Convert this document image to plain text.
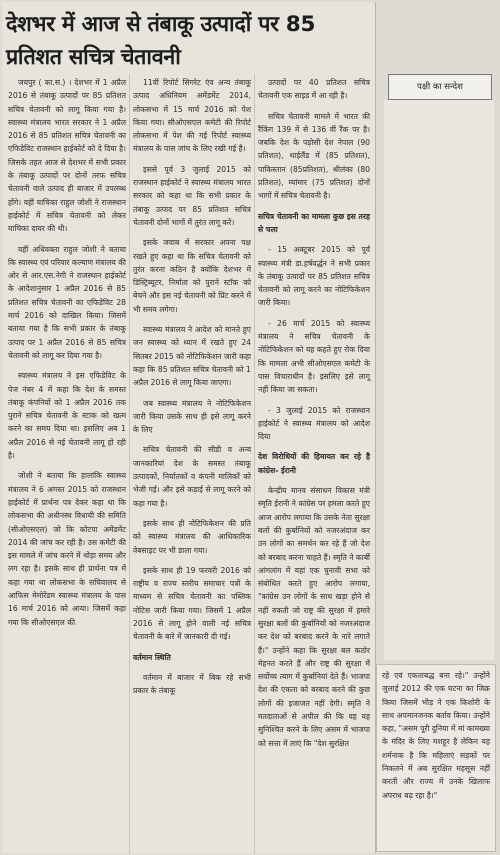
देशभर में आज से तंबाकू उत्पादों पर 85 प्रतिशत सचित्र चेतावनी

जयपुर ( का.स.) । देशभर में 1 अप्रैल 2016 से तंबाकू उत्पादों पर 85 प्रतिशत सचित्र चेतावनी को लागू किया गया है। स्वास्थ्य मंत्रालय भारत सरकार ने 1 अप्रैल 2016 से 85 प्रतिशत सचित्र चेतावनी का एफिडेविट राजस्थान हाईकोर्ट को दे दिया है। जिसके तहत आज से देशभर में सभी प्रकार के तंबाकू उत्पादों पर दोनों तरफ सचित्र चेतावनी वाले उत्पाद ही बाजार में उपलब्ध होंगे। वहीं याचिका राहुल जोशी ने राजस्थान हाईकोर्ट में सचित्र चेतावनी को लेकर याचिका दायर की थी।

वहीं अधिवक्ता राहुल जोशी ने बताया कि स्वास्थ्य एवं परिवार कल्याण मंत्रालय की ओर से आर.एस.नेगी ने राजस्थान हाईकोर्ट के आदेशानुसार 1 अप्रैल 2016 से 85 प्रतिशत सचित्र चेतावनी का एफिडेविट 28 मार्च 2016 को दाखिल किया। जिसमें बताया गया है कि सभी प्रकार के तंबाकू उत्पाद पर 1 अप्रैल 2016 से 85 सचित्र चेतावनी को लागू कर दिया गया है।

स्वास्थ्य मंत्रालय ने इस एफिडेविट के पेज नंबर 4 में कहा कि देश के समस्त तंबाकू कंपनियों को 1 अप्रैल 2016 तक पुराने सचित्र चेतावनी के स्टाक को खत्म करने का समय दिया था। इसलिए अब 1 अप्रैल 2016 से नई चेतावनी लागू हो रही है।

जोशी ने बताया कि हालांकि स्वास्थ्य मंत्रालय ने 6 अगस्त 2015 को राजस्थान हाईकोर्ट में प्रार्थना पत्र देकर कहा था कि लोकसभा की अधीनस्थ विधायी की समिति (सीओएसएल) जो कि कोटपा अमेंडमेंट 2014 की जांच कर रही है। उस कमेटी की इस मामले में जांच करने में थोड़ा समय और लग रहा है। इसके साथ ही प्रार्थना पत्र में कहा गया था लोकसभा के सचिवालय से आफिस मेमोरेंडम स्वास्थ्य मंत्रालय के पास 16 मार्च 2016 को आया। जिसमें कहा गया कि सीओएसएल की

11वीं रिपोर्ट सिगरेट एंव अन्य तंबाकू उत्पाद अधिनियम अमेंडमेंट 2014, लोकसभा में 15 मार्च 2016 को पेश किया गया। सीओएसएल कमेटी की रिपोर्ट लोकसभा में पेश की गई रिपोर्ट स्वास्थ्य मंत्रालय के पास जांच के लिए रखी गई है।

इससे पूर्व 3 जुलाई 2015 को राजस्थान हाईकोर्ट ने स्वास्थ्य मंत्रालय भारत सरकार को कहा था कि सभी प्रकार के तंबाकू उत्पाद पर 85 प्रतिशत सचित्र चेतावनी दोनों भागों में तुरंत लागू करें।

इसके जवाब में सरकार अपना पक्ष रखते हुए कहा था कि सचित्र चेतावनी को तुरंत करना कठिन है क्योंकि देशभर में डिस्ट्रिब्यूटर, निर्माता को पुराने स्टॉक को बेचने और इस नई चेतावनी को प्रिंट करने में भी समय लगेगा।

स्वास्थ्य मंत्रालय ने आदेश को मानते हुए जन स्वास्थ्य को ध्यान में रखते हुए 24 सितबर 2015 को नोटिफिकेशन जारी कहा कहा कि 85 प्रतिशत सचित्र चेतावनी को 1 अप्रैल 2016 से लागू किया जाएगा।

जब स्वास्थ्य मंत्रालय ने नोटिफिकेशन जारी किया उसके साथ ही इसे लागू करने के लिए

सचित्र चेतावनी की सीडी व अन्य जानकारियां देश के समस्त तंबाकू उत्पादकों, निर्यातकों व कंपनी मालिकों को भेजी गई। और इसे कड़ाई से लागू करने को कहा गया है।

इसके साथ ही नोटिफिकेशन की प्रति को स्वास्थ्य मंत्रालय की आधिकारिक वेबसाइट पर भी डाला गया।

इसके साथ ही 19 फरवरी 2016 को राष्ट्रीय व राज्य स्तरीय समाचार पत्रों के माध्यम से सचित्र चेतावनी का पब्लिक नोटिस जारी किया गया। जिसमें 1 अप्रैल 2016 से लागू होने वाली नई सचित्र चेतावनी के बारे में जानकारी दी गई।

वर्तमान स्थिति

वर्तमान में बाजार में बिक रहे सभी प्रकार के तंबाकू

उत्पादों पर 40 प्रतिशत सचित्र चेतावनी एक साइड में आ रही है।

सचित्र चेतावनी मामले में भारत की रैंकिंग 139 में से 136 वीं रैंक पर है। जबकि देश के पड़ोसी देश नेपाल (90 प्रतिशत), थाईलैंड में (85 प्रतिशत), पाकिस्तान (85प्रतिशत), श्रीलंका (80 प्रतिशत), म्यांमार (75 प्रतिशत) दोनों भागों में सचित्र चेतावनी है।

सचित्र चेतावनी का मामला कुछ इस तरह से चला

- 15 अक्टूबर 2015 को पूर्व स्वास्थ्य मंत्री डा.हर्षवर्द्धन ने सभी प्रकार के तंबाकू उत्पादों पर 85 प्रतिशत सचित्र चेतावनी को लागू करने का नोटिफिकेशन जारी किया।

- 26 मार्च 2015 को स्वास्थ्य मंत्रालय ने सचित्र चेतावनी के नोटिफिकेशन को यह कहते हुए रोक दिया कि मामला अभी सीओएसएल कमेटी के पास विचाराधीन है। इसलिए इसे लागू नहीं किया जा सकता।

- 3 जुलाई 2015 को राजस्थान हाईकोर्ट ने स्वास्थ्य मंत्रालय को आदेश दिया

देश विरोधियों की हिमायत कर रहे है कांग्रेस- ईरानी

केन्द्रीय मानव संसाधन विकास मंत्री स्मृति ईरानी ने कांग्रेस पर हमला करते हुए आज आरोप लगाया कि उसके नेता सुरक्षा बलों की कुर्बानियों को नजरअंदाज कर उन लोगों का समर्थन कर रहे हैं जो देश को बरबाद करना चाहते हैं। स्मृति ने कार्बी आंगलांग में यहां एक चुनावी सभा को संबोधित करते हुए आरोप लगाया, "कांग्रेस उन लोगों के साथ खड़ा होने से नहीं रुकती जो राष्ट्र की सुरक्षा में हमारे सुरक्षा बलों की कुर्बानियों को नजरअंदाज कर देश को बरबाद करने के नारे लगाते हैं।" उन्होंने कहा कि सुरक्षा बल कठोर मेहनत करते हैं और राष्ट्र की सुरक्षा में सर्वोच्च त्याग में कुर्बानियां देते हैं। भाजपा देश की एकता को बरबाद करने की कुछ लोगों की इजाजत नहीं देगी। स्मृति ने मतदाताओं से अपील की कि वह यह सुनिश्चित करने के लिए असम में भाजपा को सत्ता में लाएं कि "देश सुरक्षित

पक्षी का सन्देश

रहे एवं एकताबद्ध बना रहे।" उन्होंने जुलाई 2012 की एक घटना का जिक्र किया जिसमें भीड़ ने एक किशोरी के साथ अपमानजनक बर्ताव किया। उन्होंने कहा, "असम पूरी दुनिया में मां कामख्या के मंदिर के लिए मशहूर है लेकिन यह शर्मनाक है कि महिलाएं सड़कों पर निकलने में अब सुरक्षित महसूस नहीं करतीं और राज्य में उनके खिलाफ अपराध बढ़ रहा है।"
